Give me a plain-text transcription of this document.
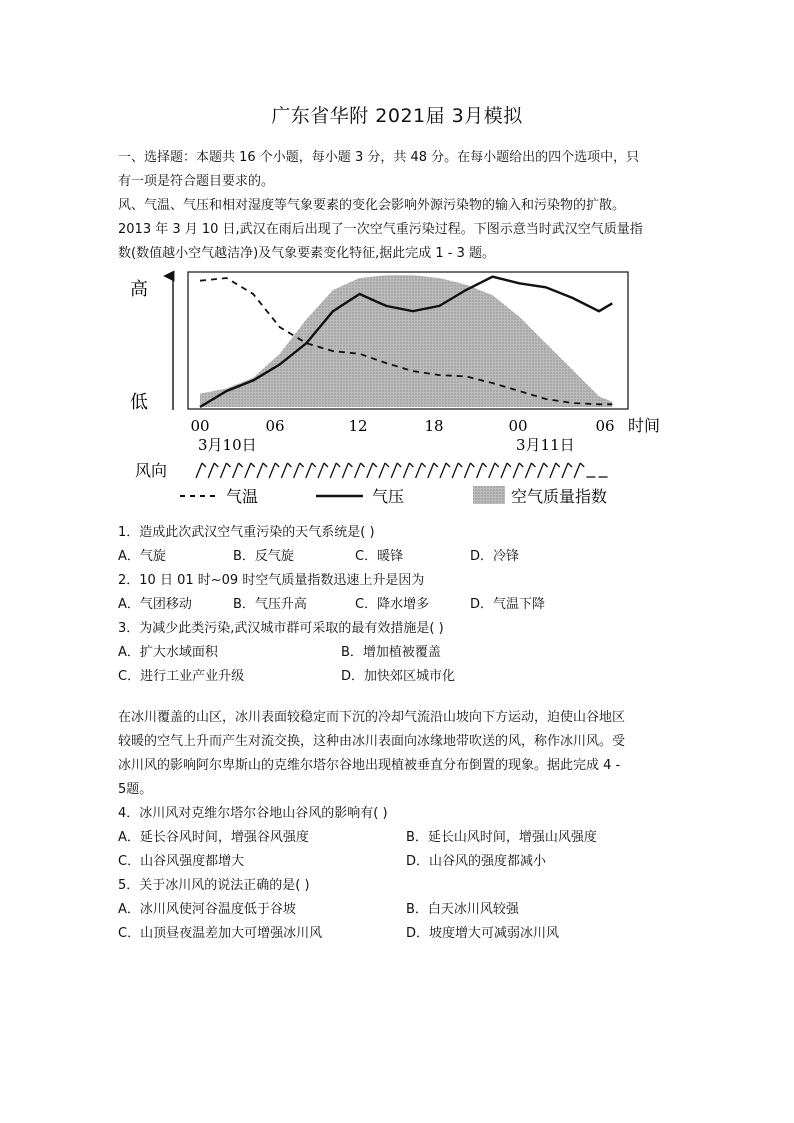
广东省华附 2021届 3月模拟
一、选择题：本题共 16 个小题，每小题 3 分，共 48 分。在每小题给出的四个选项中，只
有一项是符合题目要求的。
风、气温、气压和相对湿度等气象要素的变化会影响外源污染物的输入和污染物的扩散。
2013 年 3 月 10 日,武汉在雨后出现了一次空气重污染过程。下图示意当时武汉空气质量指
数(数值越小空气越洁净)及气象要素变化特征,据此完成 1 - 3 题。
高
低
00	06	12	18	00	06 时间
3月10日	3月11日
风向
气温	气压	空气质量指数
1．造成此次武汉空气重污染的天气系统是( )
A．气旋	B．反气旋	C．暖锋	D．冷锋
2．10 日 01 时~09 时空气质量指数迅速上升是因为
A．气团移动	B．气压升高	C．降水增多	D．气温下降
3．为减少此类污染,武汉城市群可采取的最有效措施是( )
A．扩大水域面积	B．增加植被覆盖
C．进行工业产业升级	D．加快郊区城市化
在冰川覆盖的山区，冰川表面较稳定而下沉的冷却气流沿山坡向下方运动，迫使山谷地区
较暖的空气上升而产生对流交换，这种由冰川表面向冰缘地带吹送的风，称作冰川风。受
冰川风的影响阿尔卑斯山的克维尔塔尔谷地出现植被垂直分布倒置的现象。据此完成 4 -
5题。
4．冰川风对克维尔塔尔谷地山谷风的影响有( )
A．延长谷风时间，增强谷风强度	B．延长山风时间，增强山风强度
C．山谷风强度都增大	D．山谷风的强度都减小
5．关于冰川风的说法正确的是( )
A．冰川风使河谷温度低于谷坡	B．白天冰川风较强
C．山顶昼夜温差加大可增强冰川风	D．坡度增大可减弱冰川风
